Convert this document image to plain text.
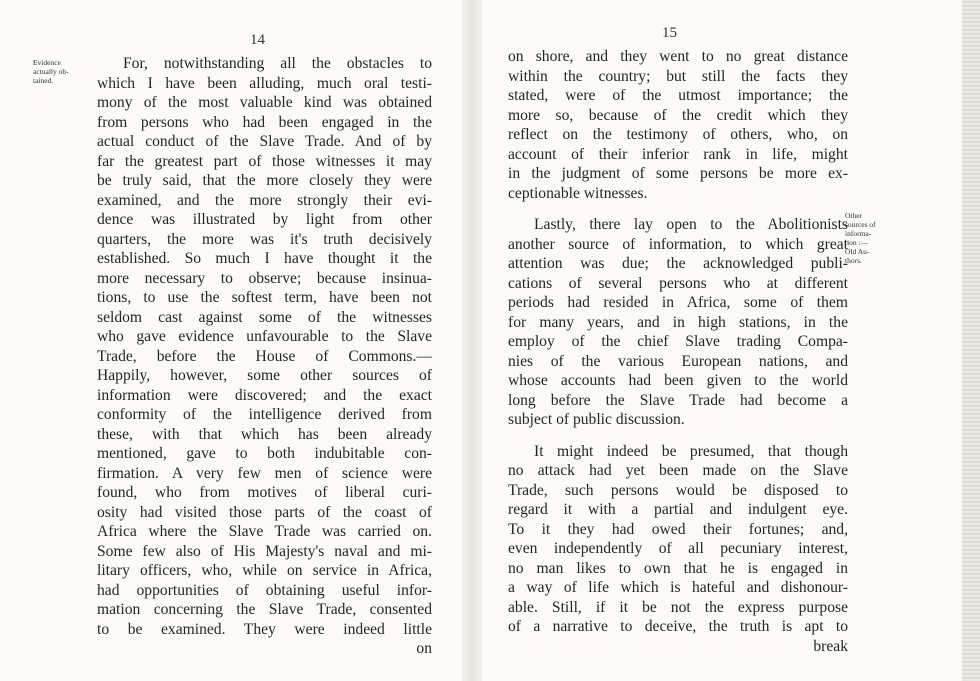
14
Evidence
actually ob-
tained.
For, notwithstanding all the obstacles to
which I have been alluding, much oral testi-
mony of the most valuable kind was obtained
from persons who had been engaged in the
actual conduct of the Slave Trade. And of by
far the greatest part of those witnesses it may
be truly said, that the more closely they were
examined, and the more strongly their evi-
dence was illustrated by light from other
quarters, the more was it's truth decisively
established. So much I have thought it the
more necessary to observe; because insinua-
tions, to use the softest term, have been not
seldom cast against some of the witnesses
who gave evidence unfavourable to the Slave
Trade, before the House of Commons.—
Happily, however, some other sources of
information were discovered; and the exact
conformity of the intelligence derived from
these, with that which has been already
mentioned, gave to both indubitable con-
firmation. A very few men of science were
found, who from motives of liberal curi-
osity had visited those parts of the coast of
Africa where the Slave Trade was carried on.
Some few also of His Majesty's naval and mi-
litary officers, who, while on service in Africa,
had opportunities of obtaining useful infor-
mation concerning the Slave Trade, consented
to be examined. They were indeed little
on
15
on shore, and they went to no great distance
within the country; but still the facts they
stated, were of the utmost importance; the
more so, because of the credit which they
reflect on the testimony of others, who, on
account of their inferior rank in life, might
in the judgment of some persons be more ex-
ceptionable witnesses.
Lastly, there lay open to the Abolitionists
another source of information, to which great
attention was due; the acknowledged publi-
cations of several persons who at different
periods had resided in Africa, some of them
for many years, and in high stations, in the
employ of the chief Slave trading Compa-
nies of the various European nations, and
whose accounts had been given to the world
long before the Slave Trade had become a
subject of public discussion.
It might indeed be presumed, that though
no attack had yet been made on the Slave
Trade, such persons would be disposed to
regard it with a partial and indulgent eye.
To it they had owed their fortunes; and,
even independently of all pecuniary interest,
no man likes to own that he is engaged in
a way of life which is hateful and dishonour-
able. Still, if it be not the express purpose
of a narrative to deceive, the truth is apt to
break
Other
sources of
informa-
tion :—
Old Au-
thors.
